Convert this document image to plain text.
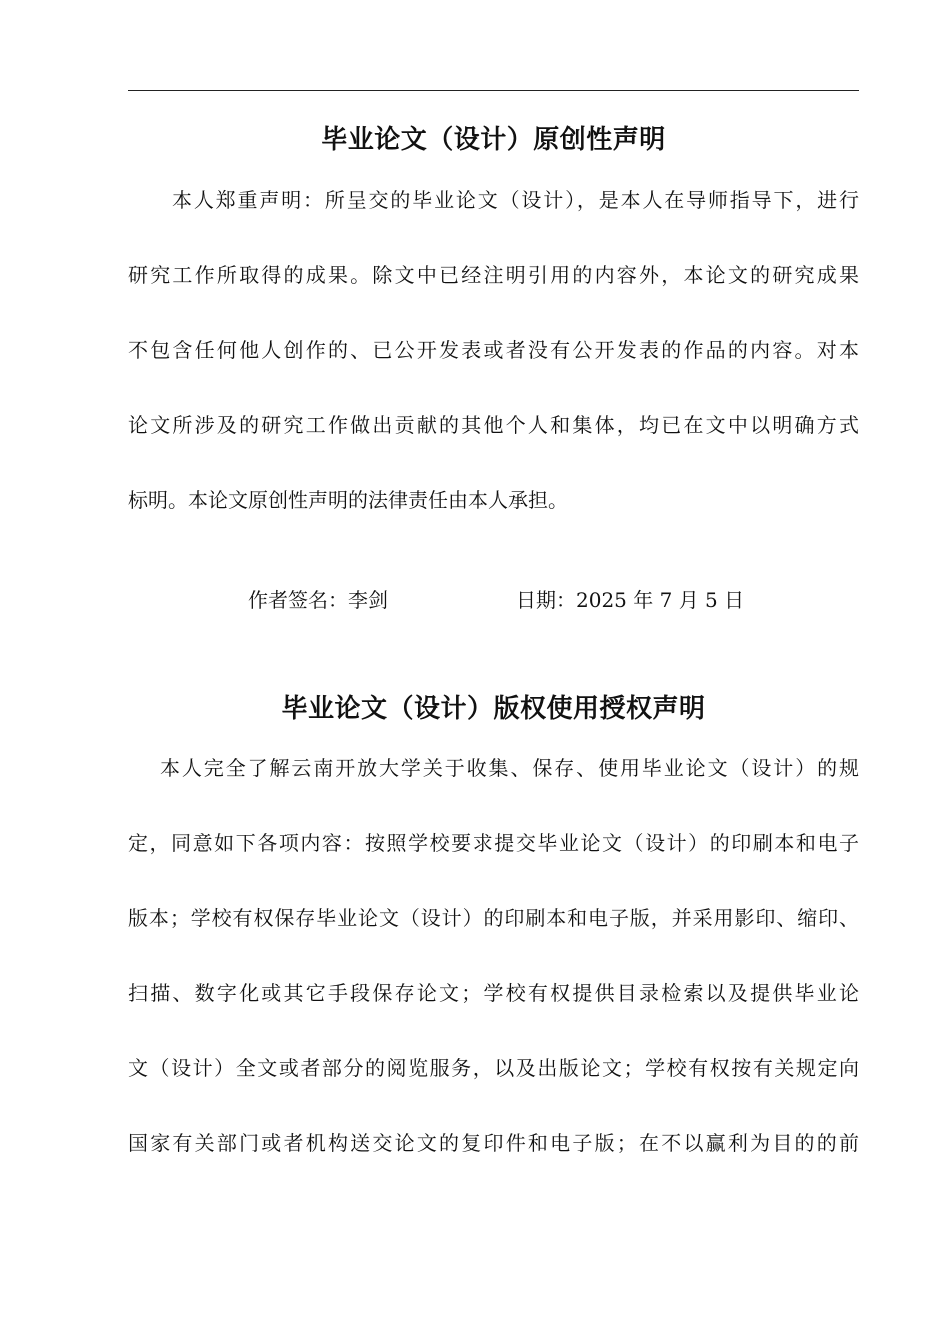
毕业论文（设计）原创性声明
本人郑重声明：所呈交的毕业论文（设计），是本人在导师指导下，进行
研究工作所取得的成果。除文中已经注明引用的内容外，本论文的研究成果
不包含任何他人创作的、已公开发表或者没有公开发表的作品的内容。对本
论文所涉及的研究工作做出贡献的其他个人和集体，均已在文中以明确方式
标明。本论文原创性声明的法律责任由本人承担。
作者签名：李剑	日期：2025 年 7 月 5 日
毕业论文（设计）版权使用授权声明
本人完全了解云南开放大学关于收集、保存、使用毕业论文（设计）的规
定，同意如下各项内容：按照学校要求提交毕业论文（设计）的印刷本和电子
版本；学校有权保存毕业论文（设计）的印刷本和电子版，并采用影印、缩印、
扫描、数字化或其它手段保存论文；学校有权提供目录检索以及提供毕业论
文（设计）全文或者部分的阅览服务，以及出版论文；学校有权按有关规定向
国家有关部门或者机构送交论文的复印件和电子版；在不以赢利为目的的前
